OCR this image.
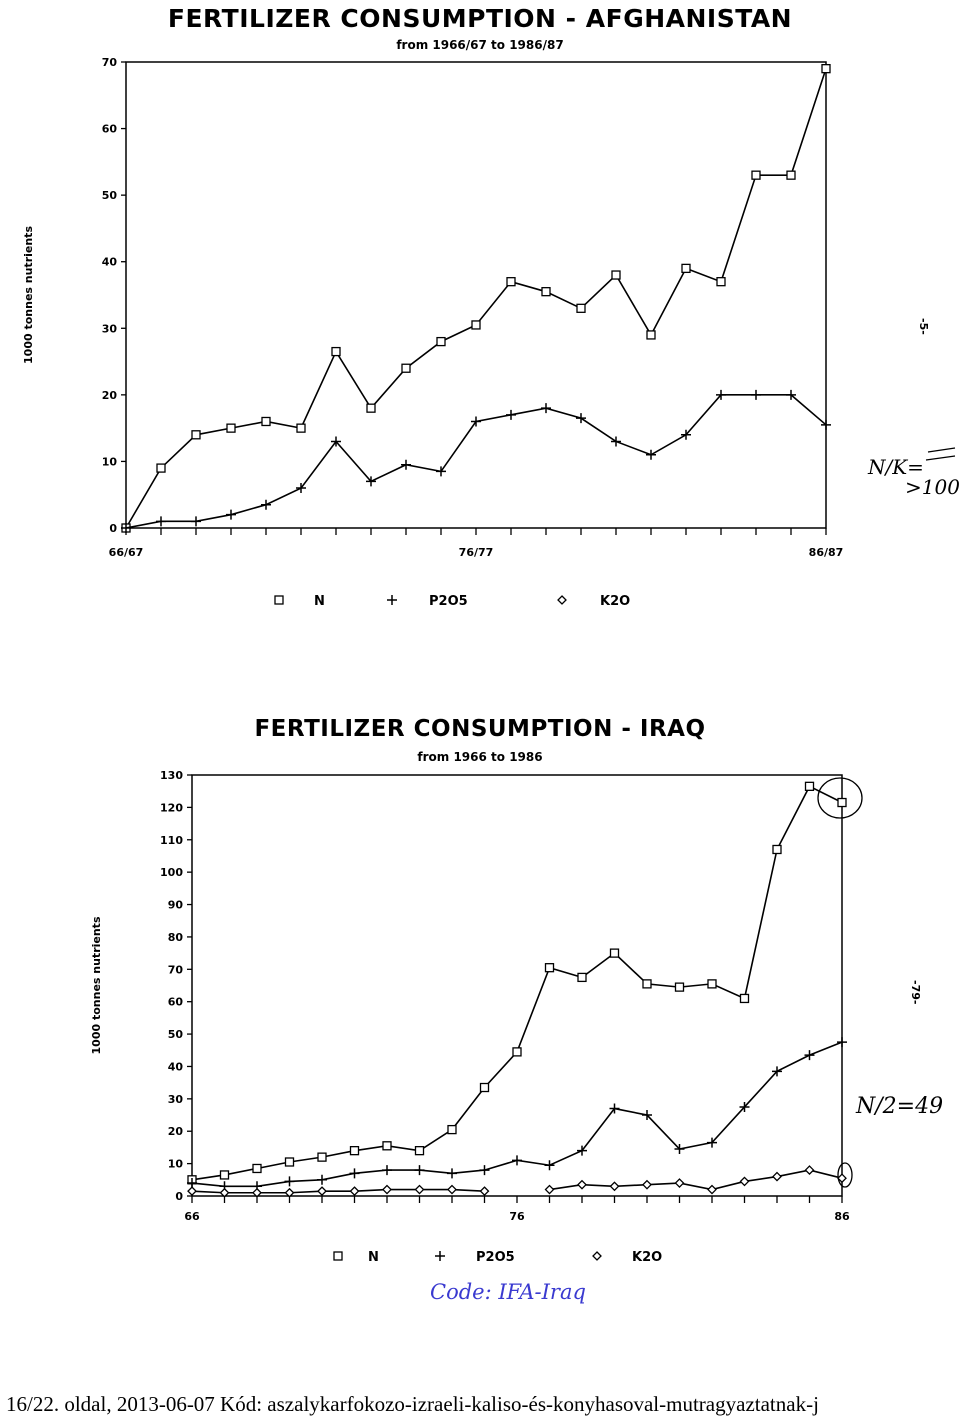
FERTILIZER CONSUMPTION - AFGHANISTAN
from 1966/67 to 1986/87
0
10
20
30
40
50
60
70
66/67	76/77	86/87
1000 tonnes nutrients
N	P2O5	K2O
-5-
N/K=
>100
FERTILIZER CONSUMPTION - IRAQ
from 1966 to 1986
0
10
20
30
40
50
60
70
80
90
100
110
120
130
66	76	86
1000 tonnes nutrients
N	P2O5	K2O
-79-
N/2=49
Code: IFA-Iraq
16/22. oldal, 2013-06-07 Kód: aszalykarfokozo-izraeli-kaliso-és-konyhasoval-mutragyaztatnak-j
